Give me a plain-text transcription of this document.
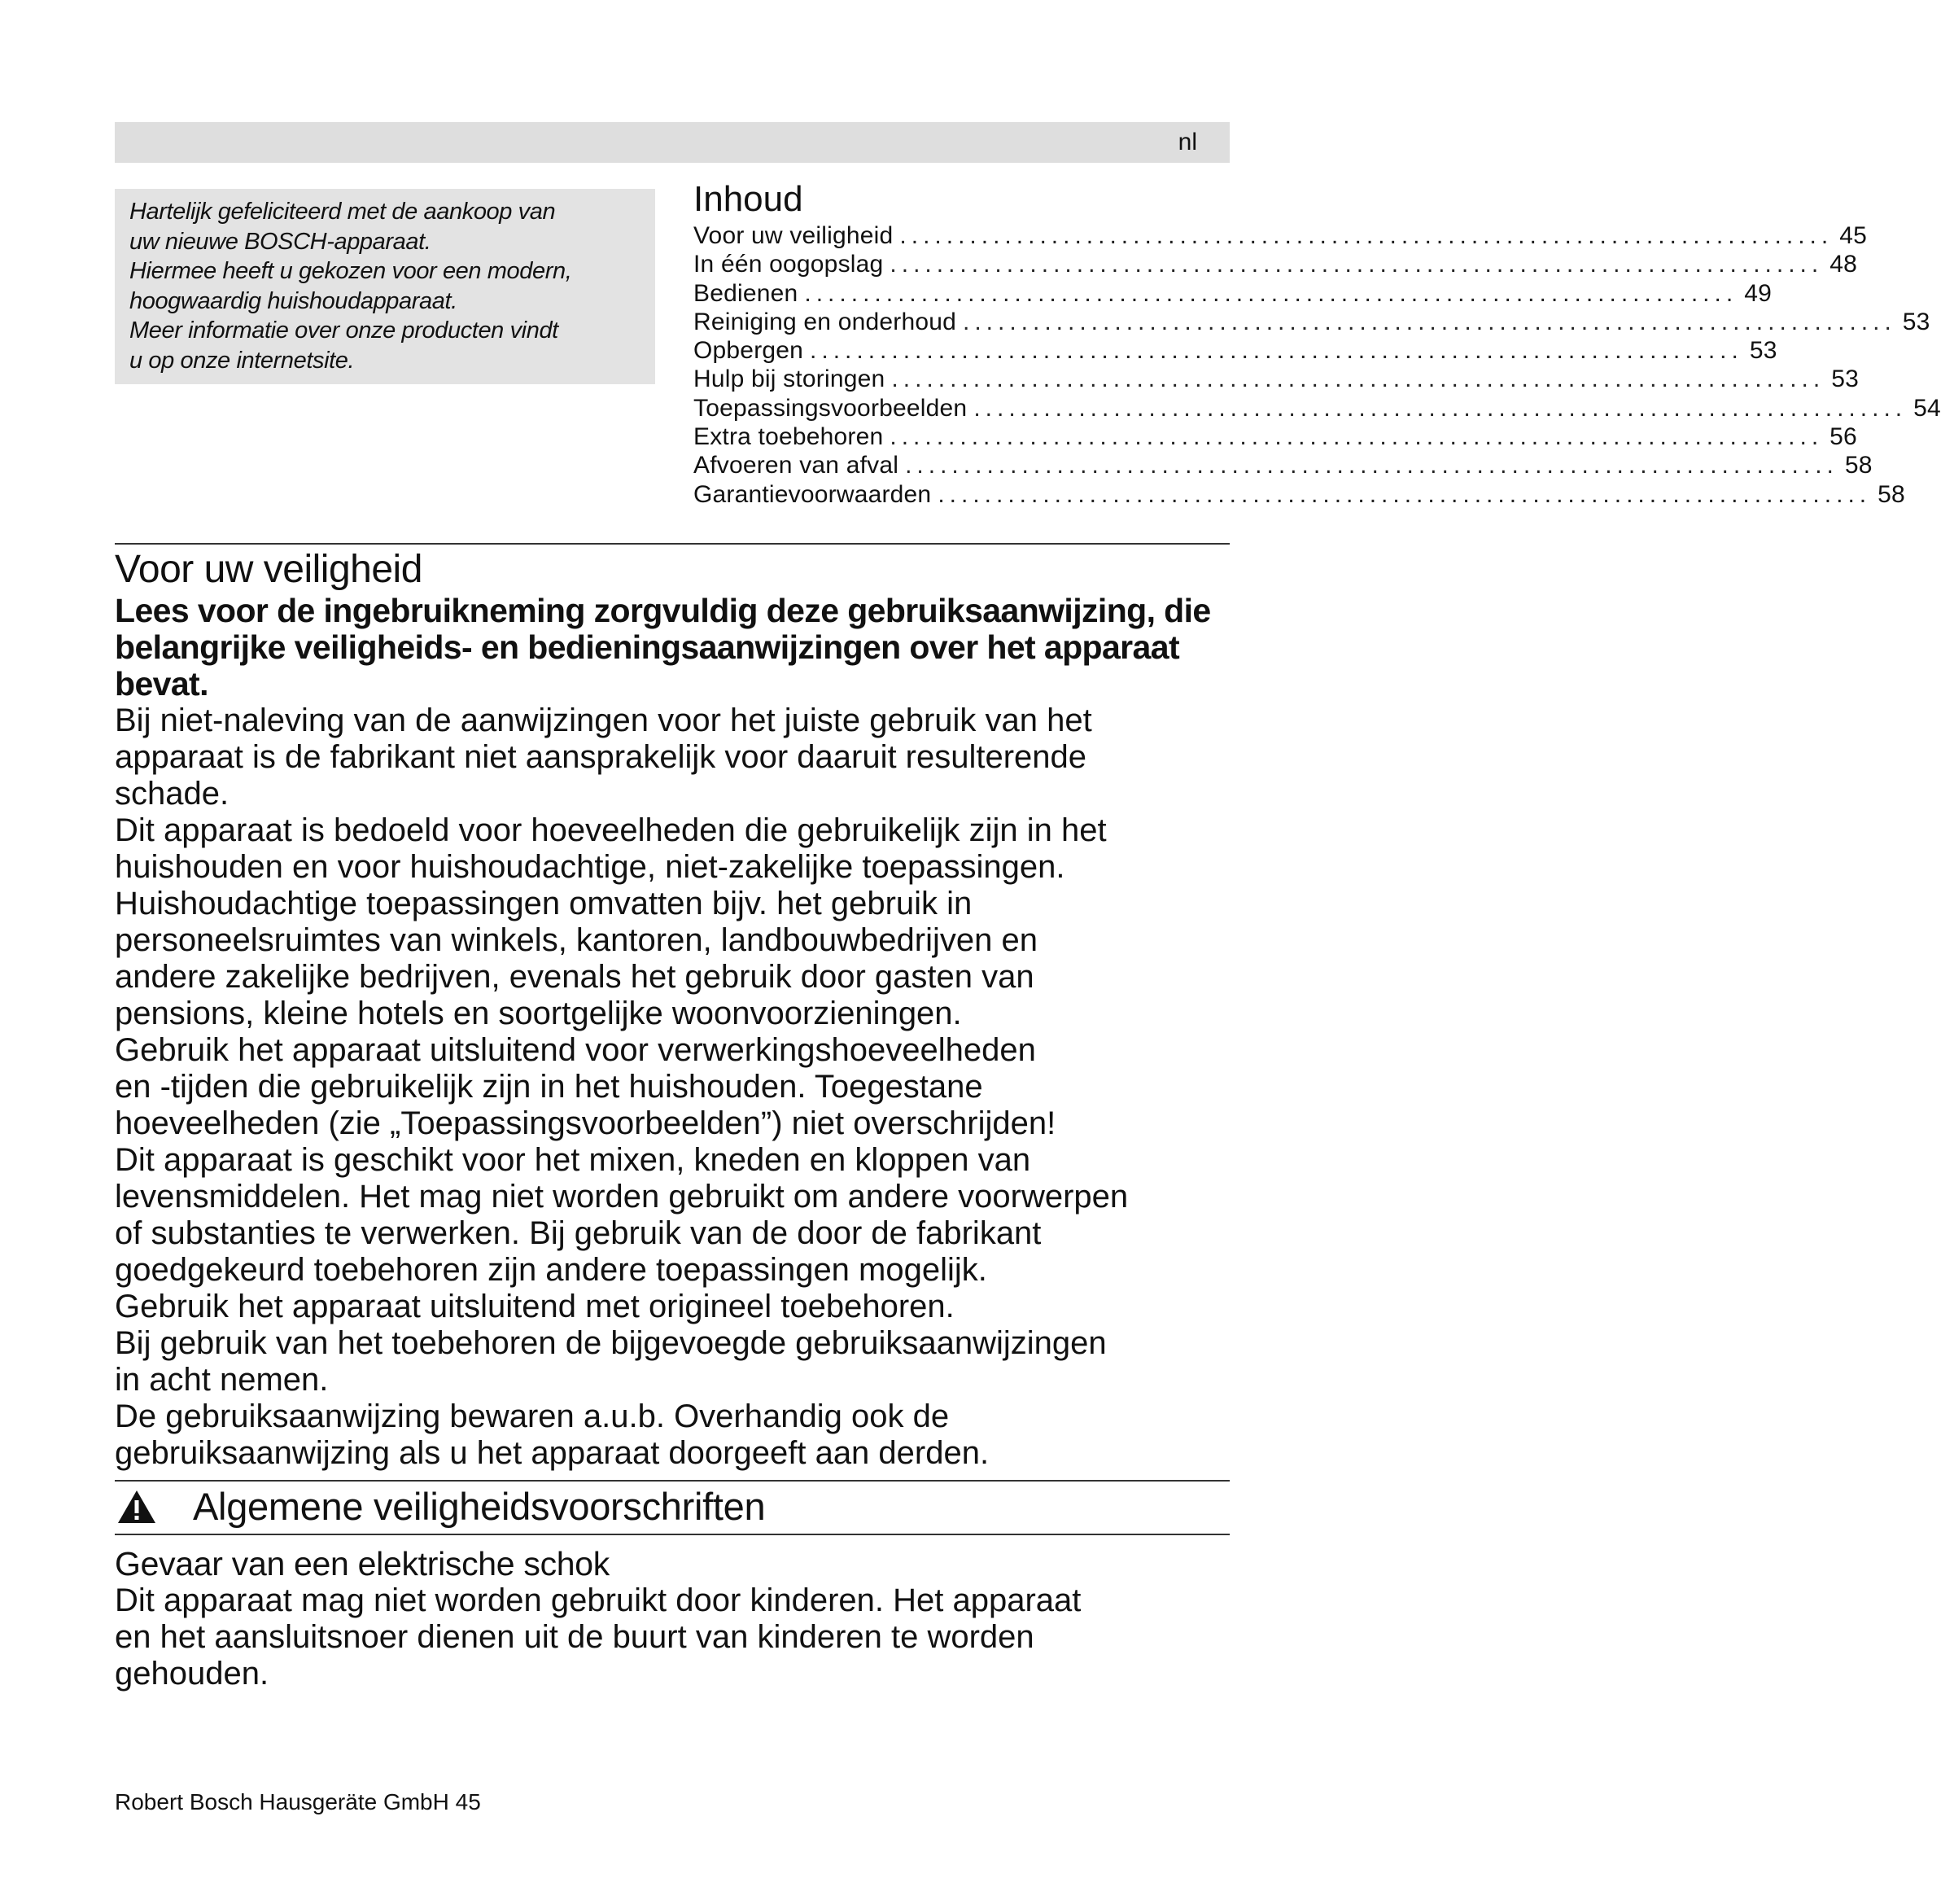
nl

Hartelijk gefeliciteerd met de aankoop van
uw nieuwe BOSCH-apparaat.
Hiermee heeft u gekozen voor een modern,
hoogwaardig huishoudapparaat.
Meer informatie over onze producten vindt
u op onze internetsite.

Inhoud
Voor uw veiligheid ................................................................................ 45
In één oogopslag ................................................................................ 48
Bedienen ................................................................................ 49
Reiniging en onderhoud ................................................................................ 53
Opbergen ................................................................................ 53
Hulp bij storingen ................................................................................ 53
Toepassingsvoorbeelden ................................................................................ 54
Extra toebehoren ................................................................................ 56
Afvoeren van afval ................................................................................ 58
Garantievoorwaarden ................................................................................ 58
Voor uw veiligheid

Lees voor de ingebruikneming zorgvuldig deze gebruiksaanwijzing, die
belangrijke veiligheids- en bedieningsaanwijzingen over het apparaat
bevat.

Bij niet-naleving van de aanwijzingen voor het juiste gebruik van het
apparaat is de fabrikant niet aansprakelijk voor daaruit resulterende
schade.
Dit apparaat is bedoeld voor hoeveelheden die gebruikelijk zijn in het
huishouden en voor huishoudachtige, niet-zakelijke toepassingen.
Huishoudachtige toepassingen omvatten bijv. het gebruik in
personeelsruimtes van winkels, kantoren, landbouwbedrijven en
andere zakelijke bedrijven, evenals het gebruik door gasten van
pensions, kleine hotels en soortgelijke woonvoorzieningen.
Gebruik het apparaat uitsluitend voor verwerkingshoeveelheden
en -tijden die gebruikelijk zijn in het huishouden. Toegestane
hoeveelheden (zie „Toepassingsvoorbeelden”) niet overschrijden!
Dit apparaat is geschikt voor het mixen, kneden en kloppen van
levensmiddelen. Het mag niet worden gebruikt om andere voorwerpen
of substanties te verwerken. Bij gebruik van de door de fabrikant
goedgekeurd toebehoren zijn andere toepassingen mogelijk.
Gebruik het apparaat uitsluitend met origineel toebehoren.
Bij gebruik van het toebehoren de bijgevoegde gebruiksaanwijzingen
in acht nemen.
De gebruiksaanwijzing bewaren a.u.b. Overhandig ook de
gebruiksaanwijzing als u het apparaat doorgeeft aan derden.

Algemene veiligheidsvoorschriften
Gevaar van een elektrische schok

Dit apparaat mag niet worden gebruikt door kinderen. Het apparaat
en het aansluitsnoer dienen uit de buurt van kinderen te worden
gehouden.

Robert Bosch Hausgeräte GmbH 45
